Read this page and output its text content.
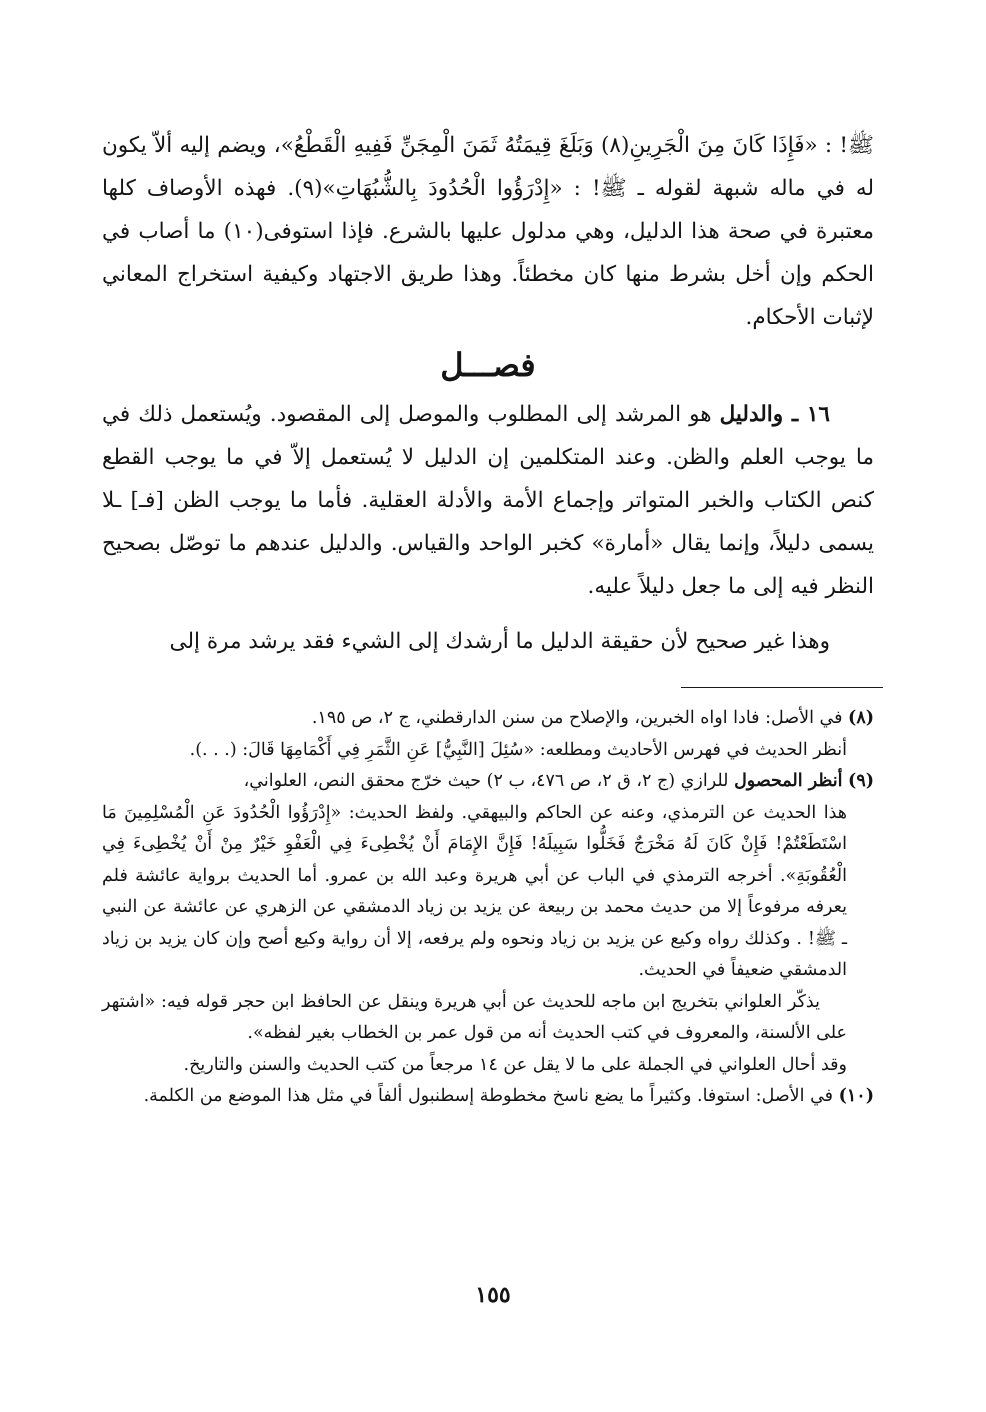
ﷺ! : «فَإِذَا كَانَ مِنَ الْجَرِينِ(٨) وَبَلَغَ قِيمَتُهُ ثَمَنَ الْمِجَنِّ فَفِيهِ الْقَطْعُ»، ويضم إليه ألاّ يكون له في ماله شبهة لقوله ـ ﷺ! : «إِدْرَؤُوا الْحُدُودَ بِالشُّبُهَاتِ»(٩). فهذه الأوصاف كلها معتبرة في صحة هذا الدليل، وهي مدلول عليها بالشرع. فإذا استوفى(١٠) ما أصاب في الحكم وإن أخل بشرط منها كان مخطئاً. وهذا طريق الاجتهاد وكيفية استخراج المعاني لإثبات الأحكام.

فصـــل

١٦ ـ والدليل هو المرشد إلى المطلوب والموصل إلى المقصود. ويُستعمل ذلك في ما يوجب العلم والظن. وعند المتكلمين إن الدليل لا يُستعمل إلاّ في ما يوجب القطع كنص الكتاب والخبر المتواتر وإجماع الأمة والأدلة العقلية. فأما ما يوجب الظن [فـ] ـلا يسمى دليلاً، وإنما يقال «أمارة» كخبر الواحد والقياس. والدليل عندهم ما توصّل بصحيح النظر فيه إلى ما جعل دليلاً عليه.

وهذا غير صحيح لأن حقيقة الدليل ما أرشدك إلى الشيء فقد يرشد مرة إلى

(٨) في الأصل: فادا اواه الخبرين، والإصلاح من سنن الدارقطني، ج ٢، ص ١٩٥.

أنظر الحديث في فهرس الأحاديث ومطلعه: «سُئِلَ [النَّبِيُّ] عَنِ الثَّمَرِ فِي أَكْمَامِهَا قَالَ: (. . .).

(٩) أنظر المحصول للرازي (ج ٢، ق ٢، ص ٤٧٦، ب ٢) حيث خرّج محقق النص، العلواني،

هذا الحديث عن الترمذي، وعنه عن الحاكم والبيهقي. ولفظ الحديث: «إِدْرَؤُوا الْحُدُودَ عَنِ الْمُسْلِمِينَ مَا اسْتَطَعْتُمْ! فَإِنْ كَانَ لَهُ مَخْرَجٌ فَخَلُّوا سَبِيلَهُ! فَإِنَّ الإِمَامَ أَنْ يُخْطِىءَ فِي الْعَفْوِ خَيْرٌ مِنْ أَنْ يُخْطِىءَ فِي الْعُقُوبَةِ». أخرجه الترمذي في الباب عن أبي هريرة وعبد الله بن عمرو. أما الحديث برواية عائشة فلم يعرفه مرفوعاً إلا من حديث محمد بن ربيعة عن يزيد بن زياد الدمشقي عن الزهري عن عائشة عن النبي ـ ﷺ! . وكذلك رواه وكيع عن يزيد بن زياد ونحوه ولم يرفعه، إلا أن رواية وكيع أصح وإن كان يزيد بن زياد الدمشقي ضعيفاً في الحديث.

يذكّر العلواني بتخريج ابن ماجه للحديث عن أبي هريرة وينقل عن الحافظ ابن حجر قوله فيه: «اشتهر على الألسنة، والمعروف في كتب الحديث أنه من قول عمر بن الخطاب بغير لفظه».

وقد أحال العلواني في الجملة على ما لا يقل عن ١٤ مرجعاً من كتب الحديث والسنن والتاريخ.

(١٠) في الأصل: استوفا. وكثيراً ما يضع ناسخ مخطوطة إسطنبول ألفاً في مثل هذا الموضع من الكلمة.

١٥٥
